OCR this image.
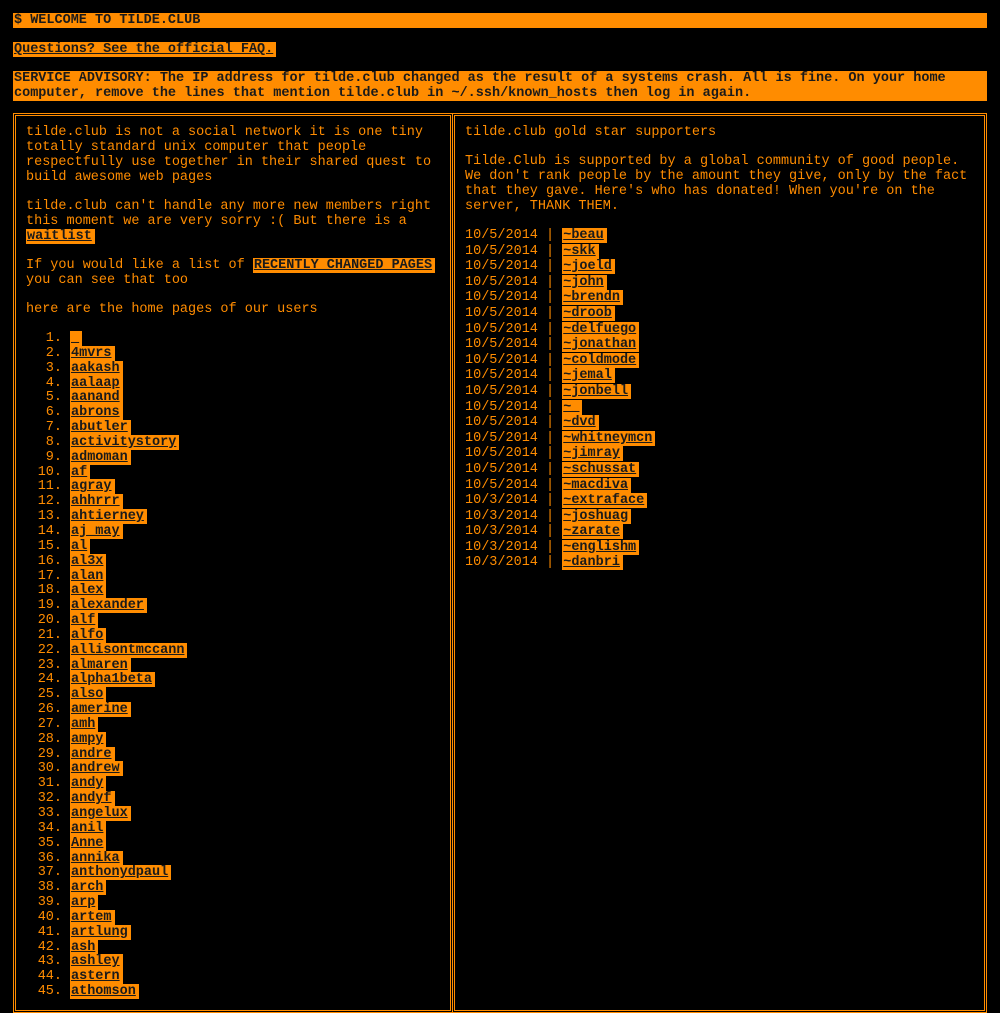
$ WELCOME TO TILDE.CLUB
Questions? See the official FAQ.
SERVICE ADVISORY: The IP address for tilde.club changed as the result of a systems crash. All is fine. On your home computer, remove the lines that mention tilde.club in ~/.ssh/known_hosts then log in again.

tilde.club is not a social network it is one tiny totally standard unix computer that people respectfully use together in their shared quest to build awesome web pages

tilde.club can't handle any more new members right this moment we are very sorry :( But there is a
waitlist

If you would like a list of RECENTLY CHANGED PAGES
you can see that too

here are the home pages of our users

1. _
2. 4mvrs
3. aakash
4. aalaap
5. aanand
6. abrons
7. abutler
8. activitystory
9. admoman
10. af
11. agray
12. ahhrrr
13. ahtierney
14. aj_may
15. al
16. al3x
17. alan
18. alex
19. alexander
20. alf
21. alfo
22. allisontmccann
23. almaren
24. alpha1beta
25. also
26. amerine
27. amh
28. ampy
29. andre
30. andrew
31. andy
32. andyf
33. angelux
34. anil
35. Anne
36. annika
37. anthonydpaul
38. arch
39. arp
40. artem
41. artlung
42. ash
43. ashley
44. astern
45. athomson

tilde.club gold star supporters

Tilde.Club is supported by a global community of good people. We don't rank people by the amount they give, only by the fact that they gave. Here's who has donated! When you're on the server, THANK THEM.

10/5/2014 | ~beau
10/5/2014 | ~skk
10/5/2014 | ~joeld
10/5/2014 | ~john
10/5/2014 | ~brendn
10/5/2014 | ~droob
10/5/2014 | ~delfuego
10/5/2014 | ~jonathan
10/5/2014 | ~coldmode
10/5/2014 | ~jemal
10/5/2014 | ~jonbell
10/5/2014 | ~_
10/5/2014 | ~dvd
10/5/2014 | ~whitneymcn
10/5/2014 | ~jimray
10/5/2014 | ~schussat
10/5/2014 | ~macdiva
10/3/2014 | ~extraface
10/3/2014 | ~joshuag
10/3/2014 | ~zarate
10/3/2014 | ~englishm
10/3/2014 | ~danbri
